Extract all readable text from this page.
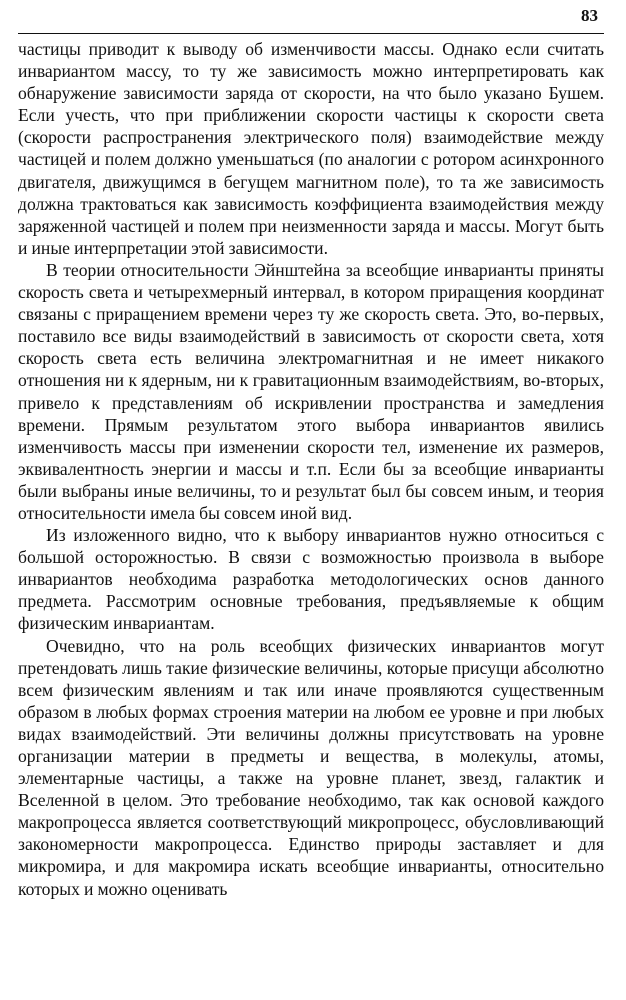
83

частицы приводит к выводу об изменчивости массы. Однако если считать инвариантом массу, то ту же зависимость можно интерпретировать как обнаружение зависимости заряда от скорости, на что было указано Бушем. Если учесть, что при приближении скорости частицы к скорости света (скорости распространения электрического поля) взаимодействие между частицей и полем должно уменьшаться (по аналогии с ротором асинхронного двигателя, движущимся в бегущем магнитном поле), то та же зависимость должна трактоваться как зависимость коэффициента взаимодействия между заряженной частицей и полем при неизменности заряда и массы. Могут быть и иные интерпретации этой зависимости.

В теории относительности Эйнштейна за всеобщие инварианты приняты скорость света и четырехмерный интервал, в котором приращения координат связаны с приращением времени через ту же скорость света. Это, во-первых, поставило все виды взаимодействий в зависимость от скорости света, хотя скорость света есть величина электромагнитная и не имеет никакого отношения ни к ядерным, ни к гравитационным взаимодействиям, во-вторых, привело к представлениям об искривлении пространства и замедления времени. Прямым результатом этого выбора инвариантов явились изменчивость массы при изменении скорости тел, изменение их размеров, эквивалентность энергии и массы и т.п. Если бы за всеобщие инварианты были выбраны иные величины, то и результат был бы совсем иным, и теория относительности имела бы совсем иной вид.

Из изложенного видно, что к выбору инвариантов нужно относиться с большой осторожностью. В связи с возможностью произвола в выборе инвариантов необходима разработка методологических основ данного предмета. Рассмотрим основные требования, предъявляемые к общим физическим инвариантам.

Очевидно, что на роль всеобщих физических инвариантов могут претендовать лишь такие физические величины, которые присущи абсолютно всем физическим явлениям и так или иначе проявляются существенным образом в любых формах строения материи на любом ее уровне и при любых видах взаимодействий. Эти величины должны присутствовать на уровне организации материи в предметы и вещества, в молекулы, атомы, элементарные частицы, а также на уровне планет, звезд, галактик и Вселенной в целом. Это требование необходимо, так как основой каждого макропроцесса является соответствующий микропроцесс, обусловливающий закономерности макропроцесса. Единство природы заставляет и для микромира, и для макромира искать всеобщие инварианты, относительно которых и можно оценивать
